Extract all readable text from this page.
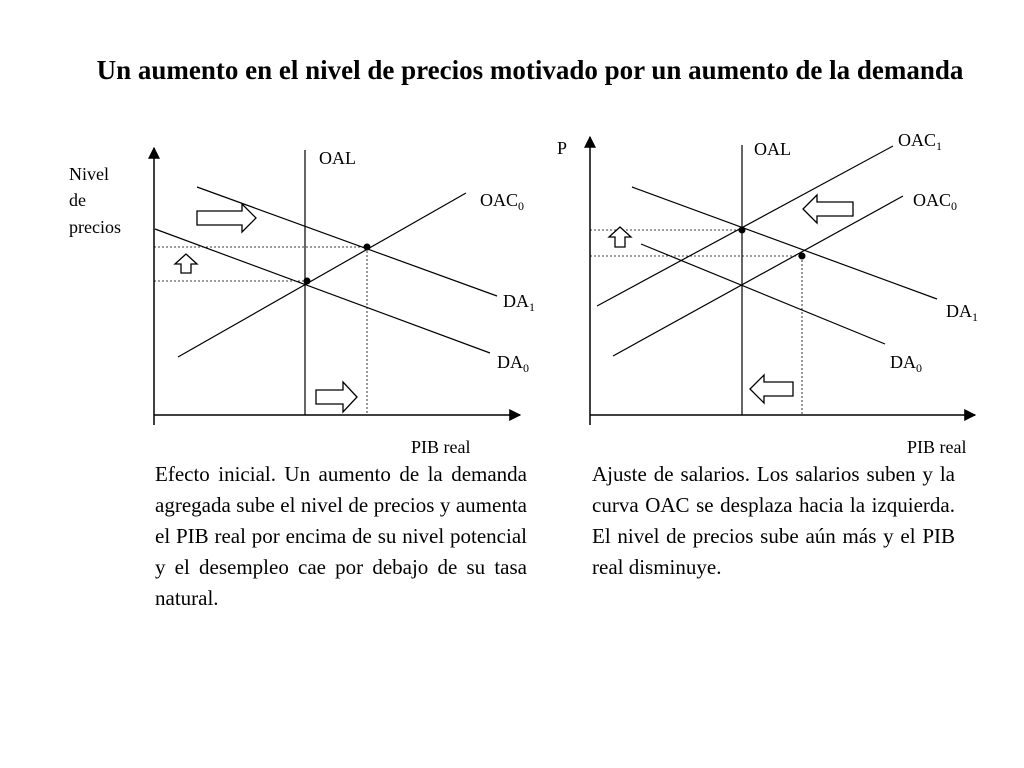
Un aumento en el nivel de precios motivado por un aumento de la demanda
Nivel
de
precios
PIB real
OAL
$OAC_0$
$DA_1$
$DA_0$
P
PIB real
OAL	$OAC_1$
$OAC_0$
$DA_1$
$DA_0$
Efecto inicial. Un aumento de la demanda agregada sube el nivel de precios y aumenta el PIB real por encima de su nivel potencial y el desempleo cae por debajo de su tasa natural.
Ajuste de salarios. Los salarios suben y la curva OAC se desplaza hacia la izquierda. El nivel de precios sube aún más y el PIB real disminuye.
